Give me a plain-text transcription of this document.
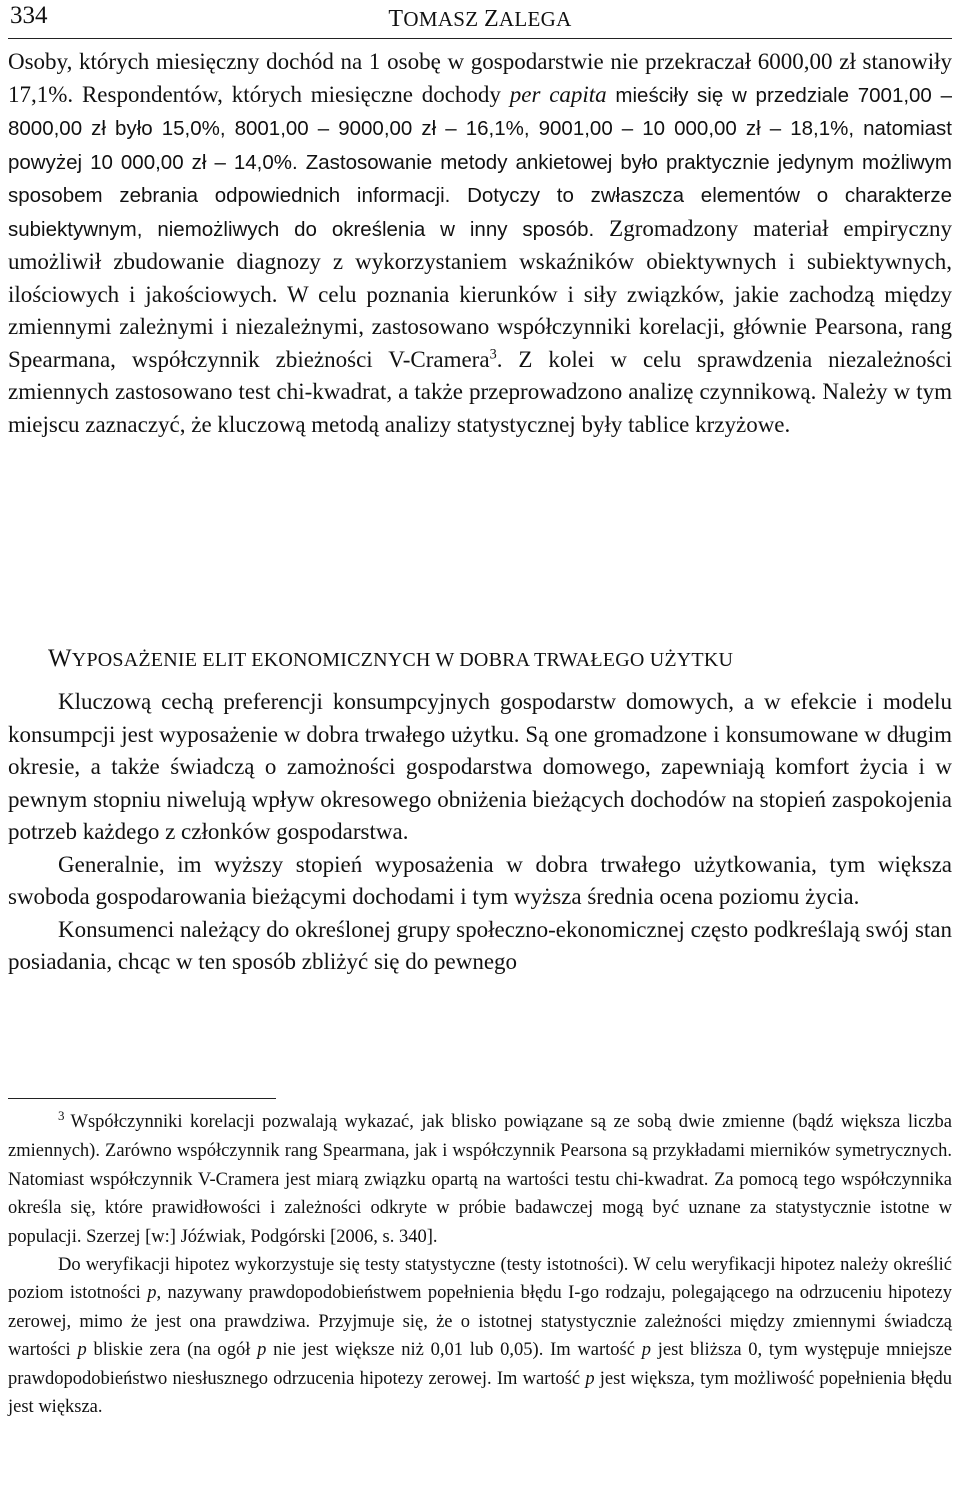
334	TOMASZ ZALEGA

Osoby, których miesięczny dochód na 1 osobę w gospodarstwie nie przekraczał 6000,00 zł stanowiły 17,1%. Respondentów, których miesięczne dochody per capita mieściły się w przedziale 7001,00 – 8000,00 zł było 15,0%, 8001,00 – 9000,00 zł – 16,1%, 9001,00 – 10 000,00 zł – 18,1%, natomiast powyżej 10 000,00 zł – 14,0%. Zastosowanie metody ankietowej było praktycznie jedynym możliwym sposobem zebrania odpowiednich informacji. Dotyczy to zwłaszcza elementów o charakterze subiektywnym, niemożliwych do określenia w inny sposób. Zgromadzony materiał empiryczny umożliwił zbudowanie diagnozy z wykorzystaniem wskaźników obiektywnych i subiektywnych, ilościowych i jakościowych. W celu poznania kierunków i siły związków, jakie zachodzą między zmiennymi zależnymi i niezależnymi, zastosowano współczynniki korelacji, głównie Pearsona, rang Spearmana, współczynnik zbieżności V-Cramera$^3$. Z kolei w celu sprawdzenia niezależności zmiennych zastosowano test chi-kwadrat, a także przeprowadzono analizę czynnikową. Należy w tym miejscu zaznaczyć, że kluczową metodą analizy statystycznej były tablice krzyżowe.

WYPOSAŻENIE ELIT EKONOMICZNYCH W DOBRA TRWAŁEGO UŻYTKU

Kluczową cechą preferencji konsumpcyjnych gospodarstw domowych, a w efekcie i modelu konsumpcji jest wyposażenie w dobra trwałego użytku. Są one gromadzone i konsumowane w długim okresie, a także świadczą o zamożności gospodarstwa domowego, zapewniają komfort życia i w pewnym stopniu niwelują wpływ okresowego obniżenia bieżących dochodów na stopień zaspokojenia potrzeb każdego z członków gospodarstwa.

Generalnie, im wyższy stopień wyposażenia w dobra trwałego użytkowania, tym większa swoboda gospodarowania bieżącymi dochodami i tym wyższa średnia ocena poziomu życia.

Konsumenci należący do określonej grupy społeczno-ekonomicznej często podkreślają swój stan posiadania, chcąc w ten sposób zbliżyć się do pewnego

$^3$ Współczynniki korelacji pozwalają wykazać, jak blisko powiązane są ze sobą dwie zmienne (bądź większa liczba zmiennych). Zarówno współczynnik rang Spearmana, jak i współczynnik Pearsona są przykładami mierników symetrycznych. Natomiast współczynnik V-Cramera jest miarą związku opartą na wartości testu chi-kwadrat. Za pomocą tego współczynnika określa się, które prawidłowości i zależności odkryte w próbie badawczej mogą być uznane za statystycznie istotne w populacji. Szerzej [w:] Jóźwiak, Podgórski [2006, s. 340].

Do weryfikacji hipotez wykorzystuje się testy statystyczne (testy istotności). W celu weryfikacji hipotez należy określić poziom istotności p, nazywany prawdopodobieństwem popełnienia błędu I-go rodzaju, polegającego na odrzuceniu hipotezy zerowej, mimo że jest ona prawdziwa. Przyjmuje się, że o istotnej statystycznie zależności między zmiennymi świadczą wartości p bliskie zera (na ogół p nie jest większe niż 0,01 lub 0,05). Im wartość p jest bliższa 0, tym występuje mniejsze prawdopodobieństwo niesłusznego odrzucenia hipotezy zerowej. Im wartość p jest większa, tym możliwość popełnienia błędu jest większa.
